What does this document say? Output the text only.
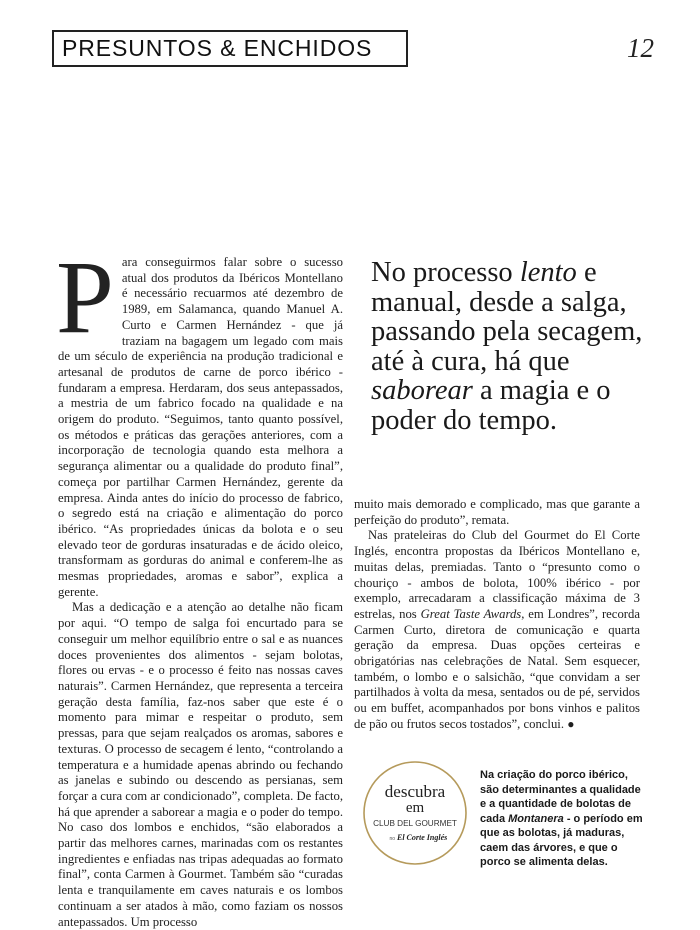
PRESUNTOS & ENCHIDOS	12

Para conseguirmos falar sobre o sucesso atual dos produtos da Ibéricos Montellano é necessário recuarmos até dezembro de 1989, em Salamanca, quando Manuel A. Curto e Carmen Hernández - que já traziam na bagagem um legado com mais de um século de experiência na produção tradicional e artesanal de produtos de carne de porco ibérico - fundaram a empresa. Herdaram, dos seus antepassados, a mestria de um fabrico focado na qualidade e na origem do produto. “Seguimos, tanto quanto possível, os métodos e práticas das gerações anteriores, com a incorporação de tecnologia quando esta melhora a segurança alimentar ou a qualidade do produto final”, começa por partilhar Carmen Hernández, gerente da empresa. Ainda antes do início do processo de fabrico, o segredo está na criação e alimentação do porco ibérico. “As propriedades únicas da bolota e o seu elevado teor de gorduras insaturadas e de ácido oleico, transformam as gorduras do animal e conferem-lhe as mesmas propriedades, aromas e sabor”, explica a gerente.

Mas a dedicação e a atenção ao detalhe não ficam por aqui. “O tempo de salga foi encurtado para se conseguir um melhor equilíbrio entre o sal e as nuances doces provenientes dos alimentos - sejam bolotas, flores ou ervas - e o processo é feito nas nossas caves naturais”. Carmen Hernández, que representa a terceira geração desta família, faz-nos saber que este é o momento para mimar e respeitar o produto, sem pressas, para que sejam realçados os aromas, sabores e texturas. O processo de secagem é lento, “controlando a temperatura e a humidade apenas abrindo ou fechando as janelas e subindo ou descendo as persianas, sem forçar a cura com ar condicionado”, completa. De facto, há que aprender a saborear a magia e o poder do tempo. No caso dos lombos e enchidos, “são elaborados a partir das melhores carnes, marinadas com os restantes ingredientes e enfiadas nas tripas adequadas ao formato final”, conta Carmen à Gourmet. Também são “curadas lenta e tranquilamente em caves naturais e os lombos continuam a ser atados à mão, como faziam os nossos antepassados. Um processo

No processo lento e manual, desde a salga, passando pela secagem, até à cura, há que saborear a magia e o poder do tempo.

muito mais demorado e complicado, mas que garante a perfeição do produto”, remata.

Nas prateleiras do Club del Gourmet do El Corte Inglés, encontra propostas da Ibéricos Montellano e, muitas delas, premiadas. Tanto o “presunto como o chouriço - ambos de bolota, 100% ibérico - por exemplo, arrecadaram a classificação máxima de 3 estrelas, nos Great Taste Awards, em Londres”, recorda Carmen Curto, diretora de comunicação e quarta geração da empresa. Duas opções certeiras e obrigatórias nas celebrações de Natal. Sem esquecer, também, o lombo e o salsichão, “que convidam a ser partilhados à volta da mesa, sentados ou de pé, servidos ou em buffet, acompanhados por bons vinhos e palitos de pão ou frutos secos tostados”, conclui. ●

descubra
em
CLUB DEL GOURMET
no El Corte Inglés
Na criação do porco ibérico, são determinantes a qualidade e a quantidade de bolotas de cada Montanera - o período em que as bolotas, já maduras, caem das árvores, e que o porco se alimenta delas.
